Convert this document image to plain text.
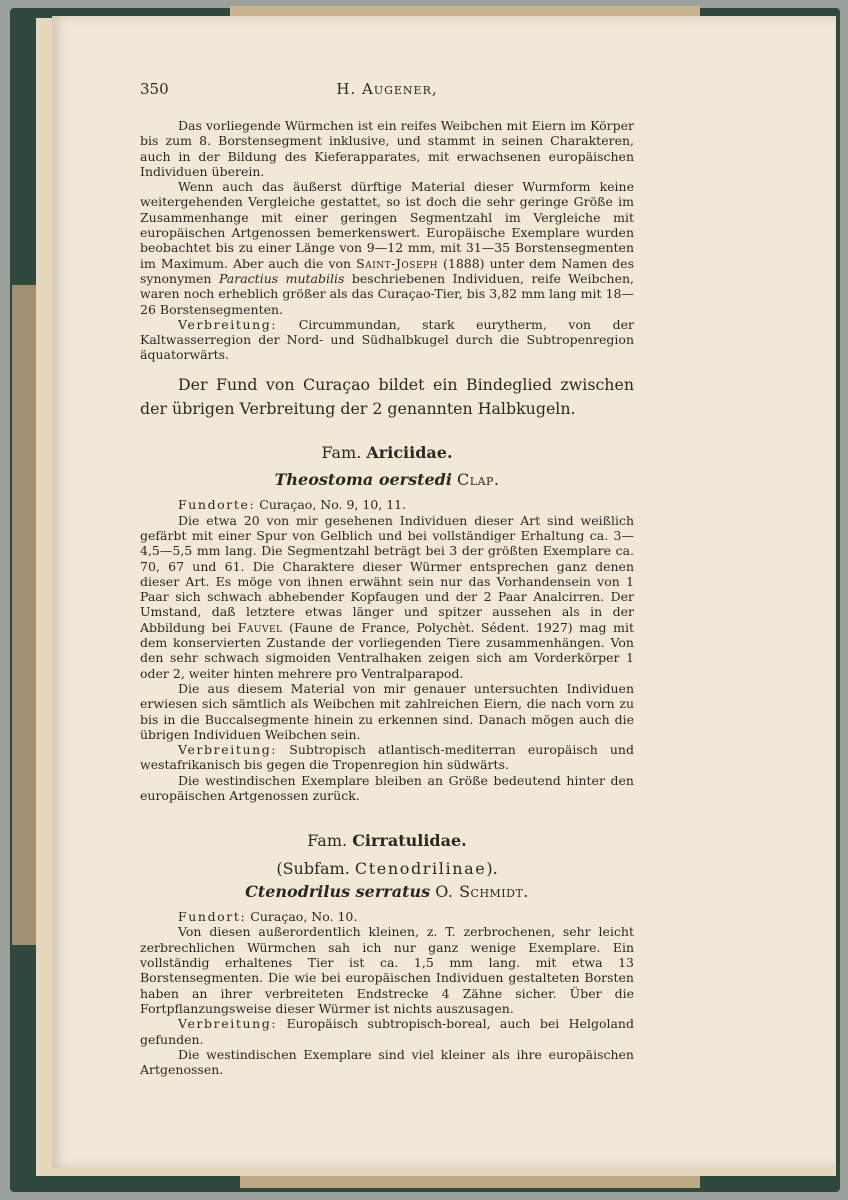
350	H. Augener,

Das vorliegende Würmchen ist ein reifes Weibchen mit Eiern im Körper bis zum 8. Borstensegment inklusive, und stammt in seinen Charakteren, auch in der Bildung des Kieferapparates, mit erwachsenen europäischen Individuen überein.

Wenn auch das äußerst dürftige Material dieser Wurmform keine weitergehenden Vergleiche gestattet, so ist doch die sehr geringe Größe im Zusammenhange mit einer geringen Segmentzahl im Vergleiche mit europäischen Artgenossen bemerkenswert. Europäische Exemplare wurden beobachtet bis zu einer Länge von 9—12 mm, mit 31—35 Borstensegmenten im Maximum. Aber auch die von Saint-Joseph (1888) unter dem Namen des synonymen Paractius mutabilis beschriebenen Individuen, reife Weibchen, waren noch erheblich größer als das Curaçao-Tier, bis 3,82 mm lang mit 18—26 Borstensegmenten.

Verbreitung: Circummundan, stark eurytherm, von der Kaltwasserregion der Nord- und Südhalbkugel durch die Subtropenregion äquatorwärts.

Der Fund von Curaçao bildet ein Bindeglied zwischen der übrigen Verbreitung der 2 genannten Halbkugeln.

Fam. Ariciidae.
Theostoma oerstedi Clap.

Fundorte: Curaçao, No. 9, 10, 11.

Die etwa 20 von mir gesehenen Individuen dieser Art sind weißlich gefärbt mit einer Spur von Gelblich und bei vollständiger Erhaltung ca. 3—4,5—5,5 mm lang. Die Segmentzahl beträgt bei 3 der größten Exemplare ca. 70, 67 und 61. Die Charaktere dieser Würmer entsprechen ganz denen dieser Art. Es möge von ihnen erwähnt sein nur das Vorhandensein von 1 Paar sich schwach abhebender Kopfaugen und der 2 Paar Analcirren. Der Umstand, daß letztere etwas länger und spitzer aussehen als in der Abbildung bei Fauvel (Faune de France, Polychèt. Sédent. 1927) mag mit dem konservierten Zustande der vorliegenden Tiere zusammenhängen. Von den sehr schwach sigmoiden Ventralhaken zeigen sich am Vorderkörper 1 oder 2, weiter hinten mehrere pro Ventralparapod.

Die aus diesem Material von mir genauer untersuchten Individuen erwiesen sich sämtlich als Weibchen mit zahlreichen Eiern, die nach vorn zu bis in die Buccalsegmente hinein zu erkennen sind. Danach mögen auch die übrigen Individuen Weibchen sein.

Verbreitung: Subtropisch atlantisch-mediterran europäisch und westafrikanisch bis gegen die Tropenregion hin südwärts.

Die westindischen Exemplare bleiben an Größe bedeutend hinter den europäischen Artgenossen zurück.

Fam. Cirratulidae.
(Subfam. Ctenodrilinae).
Ctenodrilus serratus O. Schmidt.

Fundort: Curaçao, No. 10.

Von diesen außerordentlich kleinen, z. T. zerbrochenen, sehr leicht zerbrechlichen Würmchen sah ich nur ganz wenige Exemplare. Ein vollständig erhaltenes Tier ist ca. 1,5 mm lang. mit etwa 13 Borstensegmenten. Die wie bei europäischen Individuen gestalteten Borsten haben an ihrer verbreiteten Endstrecke 4 Zähne sicher. Über die Fortpflanzungsweise dieser Würmer ist nichts auszusagen.

Verbreitung: Europäisch subtropisch-boreal, auch bei Helgoland gefunden.

Die westindischen Exemplare sind viel kleiner als ihre europäischen Artgenossen.
